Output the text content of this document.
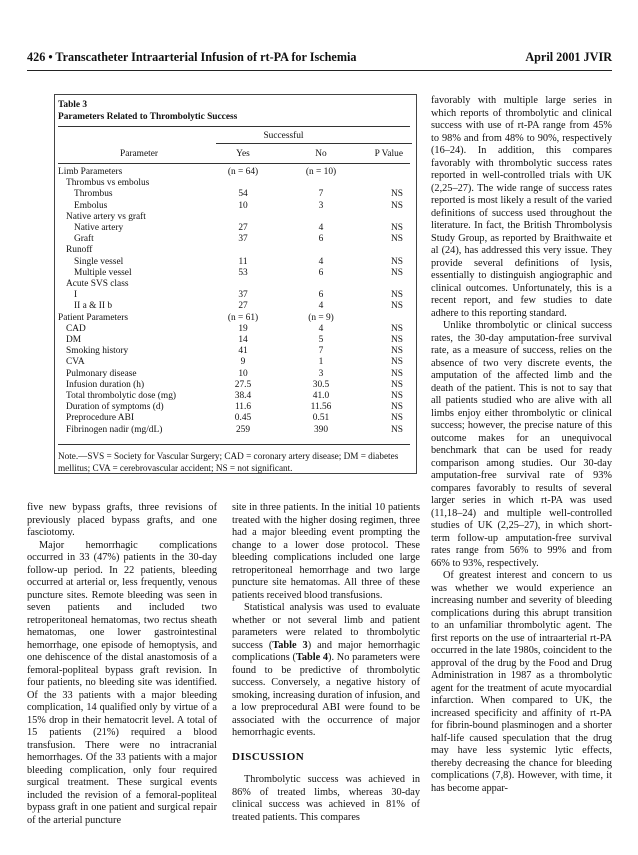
426 • Transcatheter Intraarterial Infusion of rt-PA for Ischemia	April 2001 JVIR
Table 3
Parameters Related to Thrombolytic Success
Successful
Parameter	Yes	No	P Value
Limb Parameters	(n = 64)	(n = 10)
Thrombus vs embolus
Thrombus	54	7	NS
Embolus	10	3	NS
Native artery vs graft
Native artery	27	4	NS
Graft	37	6	NS
Runoff
Single vessel	11	4	NS
Multiple vessel	53	6	NS
Acute SVS class
I	37	6	NS
II a & II b	27	4	NS
Patient Parameters	(n = 61)	(n = 9)
CAD	19	4	NS
DM	14	5	NS
Smoking history	41	7	NS
CVA	9	1	NS
Pulmonary disease	10	3	NS
Infusion duration (h)	27.5	30.5	NS
Total thrombolytic dose (mg)	38.4	41.0	NS
Duration of symptoms (d)	11.6	11.56	NS
Preprocedure ABI	0.45	0.51	NS
Fibrinogen nadir (mg/dL)	259	390	NS
Note.—SVS = Society for Vascular Surgery; CAD = coronary artery disease; DM = diabetes mellitus; CVA = cerebrovascular accident; NS = not significant.

five new bypass grafts, three revisions of previously placed bypass grafts, and one fasciotomy.

Major hemorrhagic complications occurred in 33 (47%) patients in the 30-day follow-up period. In 22 patients, bleeding occurred at arterial or, less frequently, venous puncture sites. Remote bleeding was seen in seven patients and included two retroperitoneal hematomas, two rectus sheath hematomas, one lower gastrointestinal hemorrhage, one episode of hemoptysis, and one dehiscence of the distal anastomosis of a femoral-popliteal bypass graft revision. In four patients, no bleeding site was identified. Of the 33 patients with a major bleeding complication, 14 qualified only by virtue of a 15% drop in their hematocrit level. A total of 15 patients (21%) required a blood transfusion. There were no intracranial hemorrhages. Of the 33 patients with a major bleeding complication, only four required surgical treatment. These surgical events included the revision of a femoral-popliteal bypass graft in one patient and surgical repair of the arterial puncture

site in three patients. In the initial 10 patients treated with the higher dosing regimen, three had a major bleeding event prompting the change to a lower dose protocol. These bleeding complications included one large retroperitoneal hemorrhage and two large puncture site hematomas. All three of these patients received blood transfusions.

Statistical analysis was used to evaluate whether or not several limb and patient parameters were related to thrombolytic success (Table 3) and major hemorrhagic complications (Table 4). No parameters were found to be predictive of thrombolytic success. Conversely, a negative history of smoking, increasing duration of infusion, and a low preprocedural ABI were found to be associated with the occurrence of major hemorrhagic events.

DISCUSSION

Thrombolytic success was achieved in 86% of treated limbs, whereas 30-day clinical success was achieved in 81% of treated patients. This compares

favorably with multiple large series in which reports of thrombolytic and clinical success with use of rt-PA range from 45% to 98% and from 48% to 90%, respectively (16–24). In addition, this compares favorably with thrombolytic success rates reported in well-controlled trials with UK (2,25–27). The wide range of success rates reported is most likely a result of the varied definitions of success used throughout the literature. In fact, the British Thrombolysis Study Group, as reported by Braithwaite et al (24), has addressed this very issue. They provide several definitions of lysis, essentially to distinguish angiographic and clinical outcomes. Unfortunately, this is a recent report, and few studies to date adhere to this reporting standard.

Unlike thrombolytic or clinical success rates, the 30-day amputation-free survival rate, as a measure of success, relies on the absence of two very discrete events, the amputation of the affected limb and the death of the patient. This is not to say that all patients studied who are alive with all limbs enjoy either thrombolytic or clinical success; however, the precise nature of this outcome makes for an unequivocal benchmark that can be used for ready comparison among studies. Our 30-day amputation-free survival rate of 93% compares favorably to results of several larger series in which rt-PA was used (11,18–24) and multiple well-controlled studies of UK (2,25–27), in which short-term follow-up amputation-free survival rates range from 56% to 99% and from 66% to 93%, respectively.

Of greatest interest and concern to us was whether we would experience an increasing number and severity of bleeding complications during this abrupt transition to an unfamiliar thrombolytic agent. The first reports on the use of intraarterial rt-PA occurred in the late 1980s, coincident to the approval of the drug by the Food and Drug Administration in 1987 as a thrombolytic agent for the treatment of acute myocardial infarction. When compared to UK, the increased specificity and affinity of rt-PA for fibrin-bound plasminogen and a shorter half-life caused speculation that the drug may have less systemic lytic effects, thereby decreasing the chance for bleeding complications (7,8). However, with time, it has become appar-
